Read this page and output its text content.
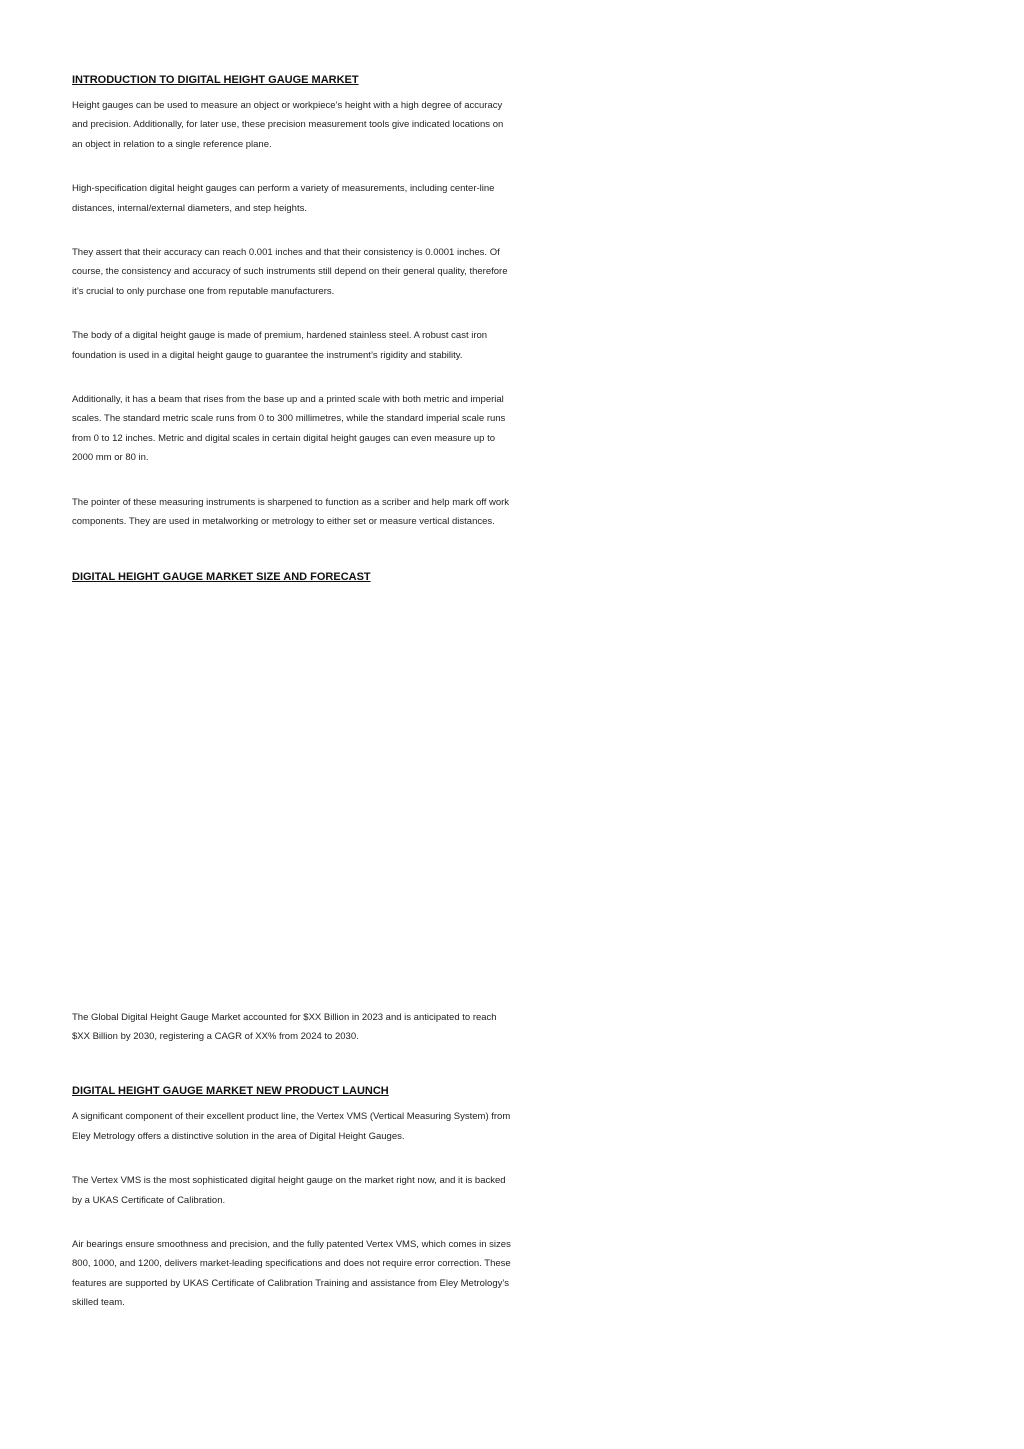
INTRODUCTION TO DIGITAL HEIGHT GAUGE MARKET

Height gauges can be used to measure an object or workpiece’s height with a high degree of accuracy and precision. Additionally, for later use, these precision measurement tools give indicated locations on an object in relation to a single reference plane.

High-specification digital height gauges can perform a variety of measurements, including center-line distances, internal/external diameters, and step heights.

They assert that their accuracy can reach 0.001 inches and that their consistency is 0.0001 inches. Of course, the consistency and accuracy of such instruments still depend on their general quality, therefore it’s crucial to only purchase one from reputable manufacturers.

The body of a digital height gauge is made of premium, hardened stainless steel. A robust cast iron foundation is used in a digital height gauge to guarantee the instrument’s rigidity and stability.

Additionally, it has a beam that rises from the base up and a printed scale with both metric and imperial scales. The standard metric scale runs from 0 to 300 millimetres, while the standard imperial scale runs from 0 to 12 inches. Metric and digital scales in certain digital height gauges can even measure up to 2000 mm or 80 in.

The pointer of these measuring instruments is sharpened to function as a scriber and help mark off work components. They are used in metalworking or metrology to either set or measure vertical distances.

DIGITAL HEIGHT GAUGE MARKET SIZE AND FORECAST

The Global Digital Height Gauge Market accounted for $XX Billion in 2023 and is anticipated to reach $XX Billion by 2030, registering a CAGR of XX% from 2024 to 2030.

DIGITAL HEIGHT GAUGE MARKET NEW PRODUCT LAUNCH

A significant component of their excellent product line, the Vertex VMS (Vertical Measuring System) from Eley Metrology offers a distinctive solution in the area of Digital Height Gauges.

The Vertex VMS is the most sophisticated digital height gauge on the market right now, and it is backed by a UKAS Certificate of Calibration.

Air bearings ensure smoothness and precision, and the fully patented Vertex VMS, which comes in sizes 800, 1000, and 1200, delivers market-leading specifications and does not require error correction. These features are supported by UKAS Certificate of Calibration Training and assistance from Eley Metrology’s skilled team.
